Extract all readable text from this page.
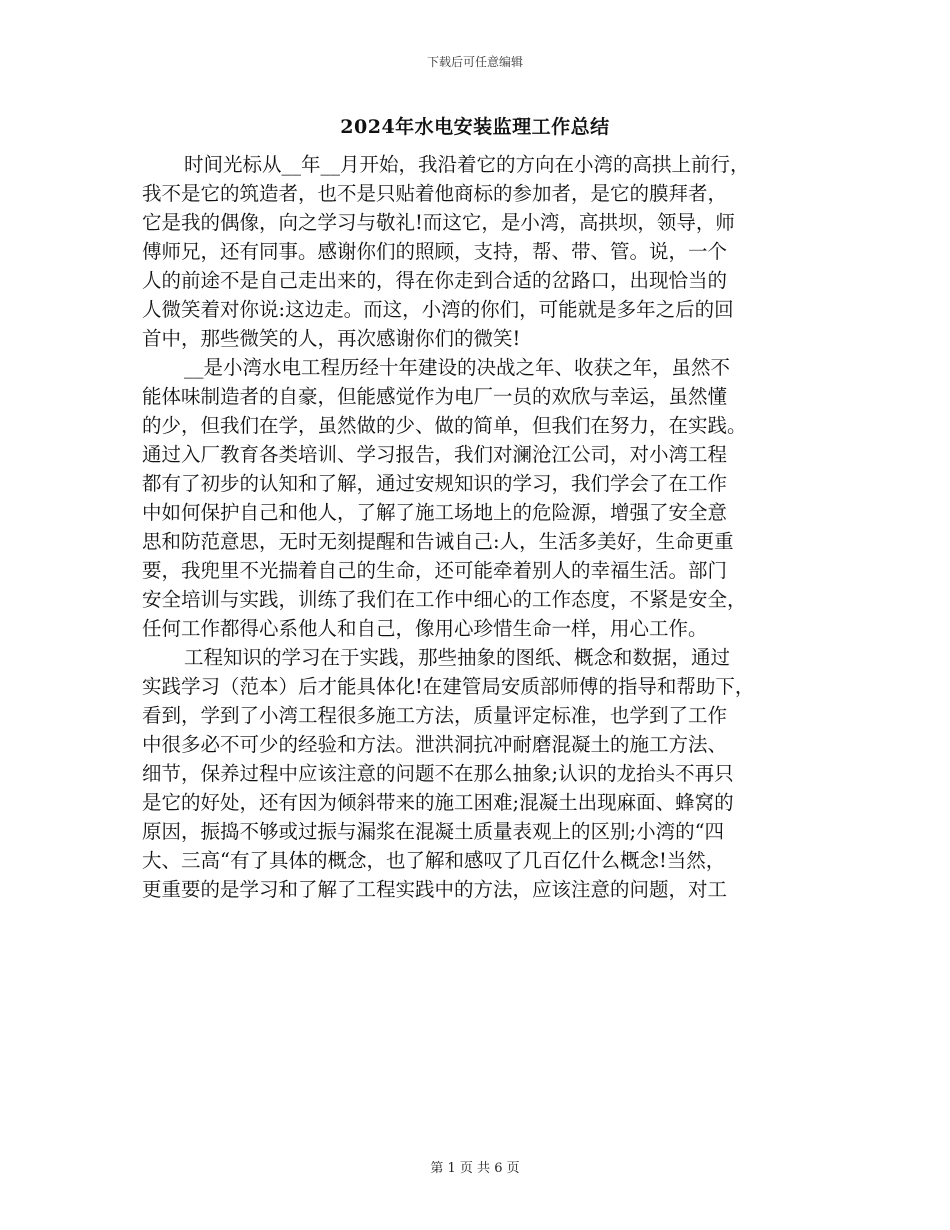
下载后可任意编辑
2024年水电安装监理工作总结

时间光标从__年__月开始，我沿着它的方向在小湾的高拱上前行，
我不是它的筑造者，也不是只贴着他商标的参加者，是它的膜拜者，
它是我的偶像，向之学习与敬礼!而这它，是小湾，高拱坝，领导，师
傅师兄，还有同事。感谢你们的照顾，支持，帮、带、管。说，一个
人的前途不是自己走出来的，得在你走到合适的岔路口，出现恰当的
人微笑着对你说:这边走。而这，小湾的你们，可能就是多年之后的回
首中，那些微笑的人，再次感谢你们的微笑!

__是小湾水电工程历经十年建设的决战之年、收获之年，虽然不
能体味制造者的自豪，但能感觉作为电厂一员的欢欣与幸运，虽然懂
的少，但我们在学，虽然做的少、做的简单，但我们在努力，在实践。
通过入厂教育各类培训、学习报告，我们对澜沧江公司，对小湾工程
都有了初步的认知和了解，通过安规知识的学习，我们学会了在工作
中如何保护自己和他人，了解了施工场地上的危险源，增强了安全意
思和防范意思，无时无刻提醒和告诫自己:人，生活多美好，生命更重
要，我兜里不光揣着自己的生命，还可能牵着别人的幸福生活。部门
安全培训与实践，训练了我们在工作中细心的工作态度，不紧是安全，
任何工作都得心系他人和自己，像用心珍惜生命一样，用心工作。

工程知识的学习在于实践，那些抽象的图纸、概念和数据，通过
实践学习（范本）后才能具体化!在建管局安质部师傅的指导和帮助下，
看到，学到了小湾工程很多施工方法，质量评定标准，也学到了工作
中很多必不可少的经验和方法。泄洪洞抗冲耐磨混凝土的施工方法、
细节，保养过程中应该注意的问题不在那么抽象;认识的龙抬头不再只
是它的好处，还有因为倾斜带来的施工困难;混凝土出现麻面、蜂窝的
原因，振捣不够或过振与漏浆在混凝土质量表观上的区别;小湾的“四
大、三高“有了具体的概念，也了解和感叹了几百亿什么概念!当然，
更重要的是学习和了解了工程实践中的方法，应该注意的问题，对工

第 1 页 共 6 页
